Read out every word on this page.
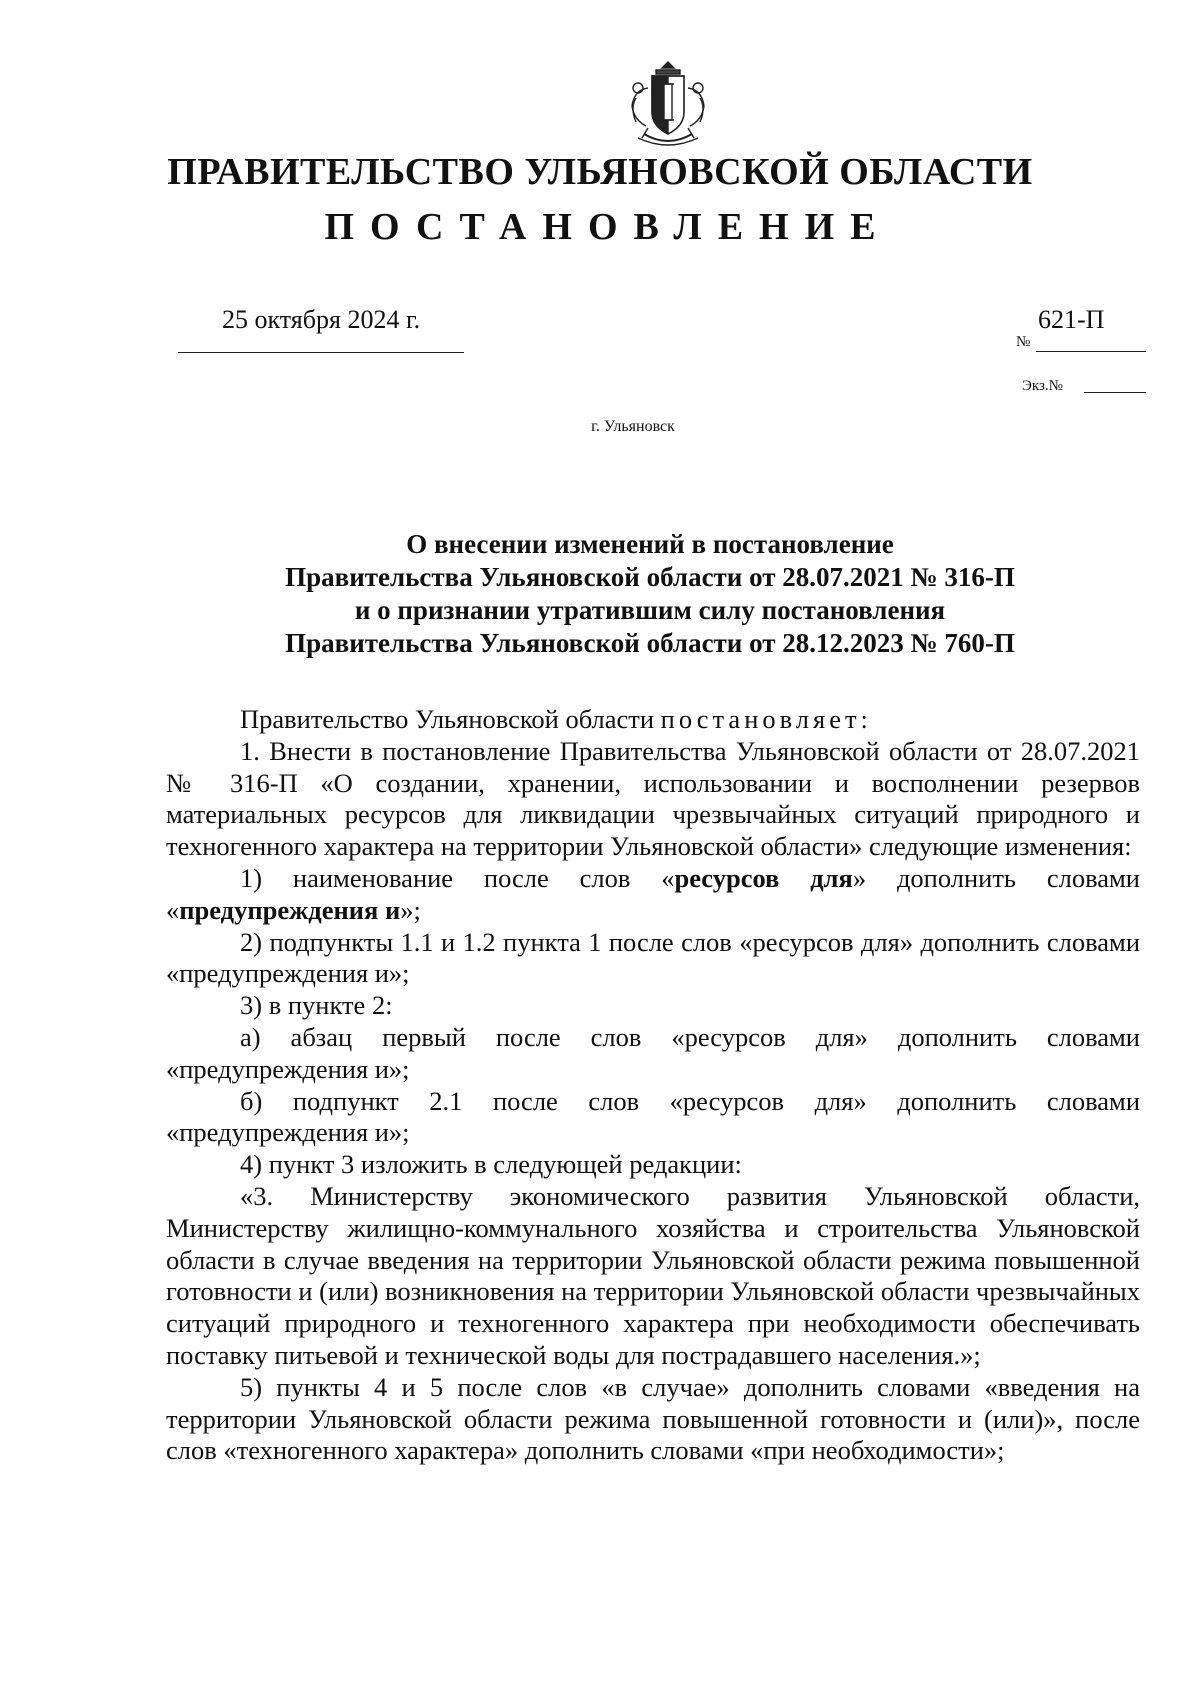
ПРАВИТЕЛЬСТВО УЛЬЯНОВСКОЙ ОБЛАСТИ
ПОСТАНОВЛЕНИЕ
25 октября 2024 г.	621-П
№
Экз.№
г. Ульяновск
О внесении изменений в постановление
Правительства Ульяновской области от 28.07.2021 № 316-П
и о признании утратившим силу постановления
Правительства Ульяновской области от 28.12.2023 № 760-П

Правительство Ульяновской области постановляет:

1. Внести в постановление Правительства Ульяновской области от 28.07.2021 № 316-П «О создании, хранении, использовании и восполнении резервов материальных ресурсов для ликвидации чрезвычайных ситуаций природного и техногенного характера на территории Ульяновской области» следующие изменения:

1) наименование после слов «ресурсов для» дополнить словами «предупреждения и»;

2) подпункты 1.1 и 1.2 пункта 1 после слов «ресурсов для» дополнить словами «предупреждения и»;

3) в пункте 2:

а) абзац первый после слов «ресурсов для» дополнить словами «предупреждения и»;

б) подпункт 2.1 после слов «ресурсов для» дополнить словами «предупреждения и»;

4) пункт 3 изложить в следующей редакции:

«3. Министерству экономического развития Ульяновской области, Министерству жилищно-коммунального хозяйства и строительства Ульяновской области в случае введения на территории Ульяновской области режима повышенной готовности и (или) возникновения на территории Ульяновской области чрезвычайных ситуаций природного и техногенного характера при необходимости обеспечивать поставку питьевой и технической воды для пострадавшего населения.»;

5) пункты 4 и 5 после слов «в случае» дополнить словами «введения на территории Ульяновской области режима повышенной готовности и (или)», после слов «техногенного характера» дополнить словами «при необходимости»;
